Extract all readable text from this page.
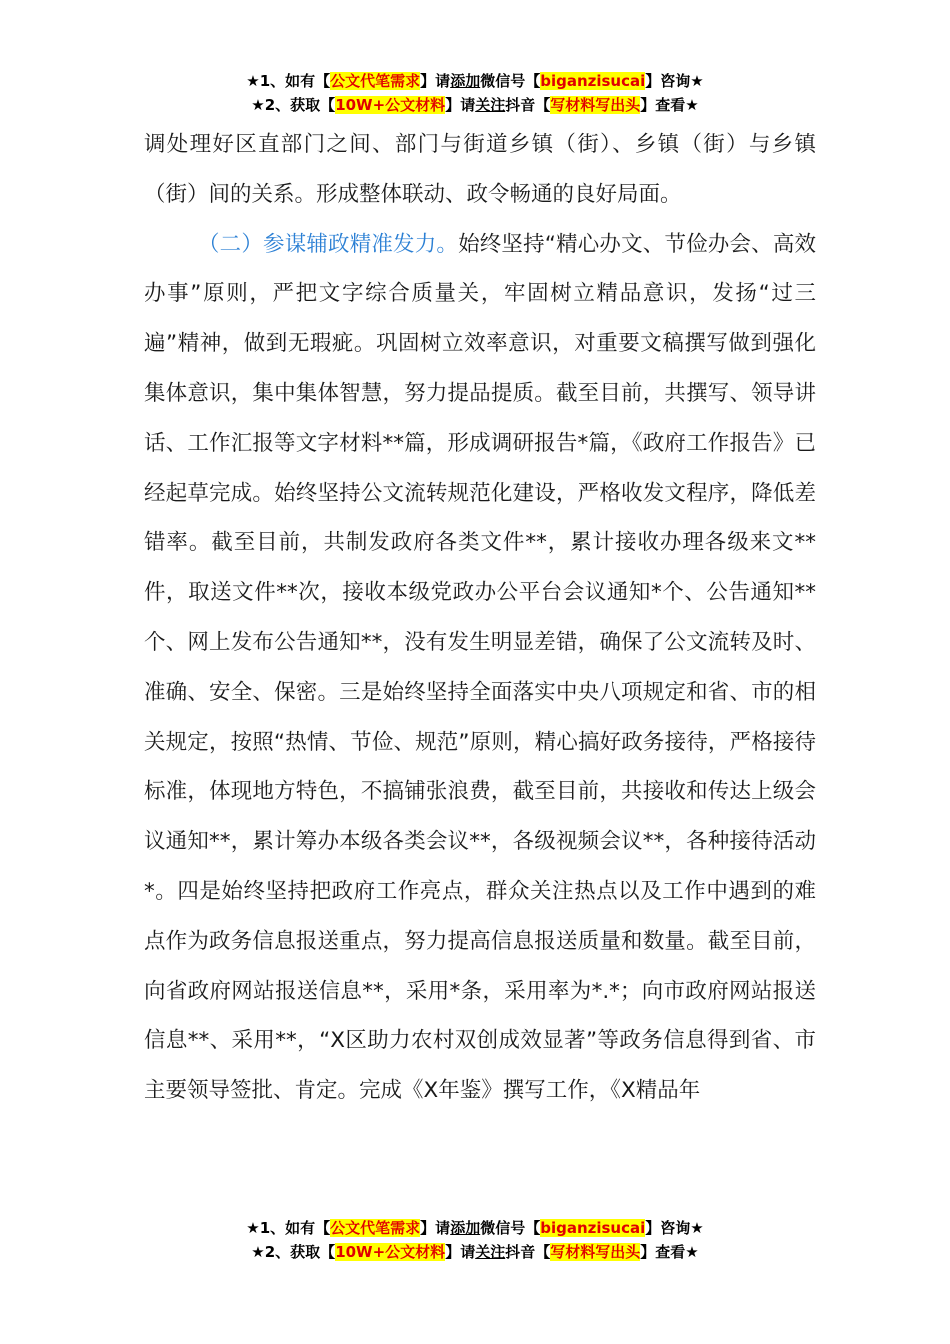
★1、如有【公文代笔需求】请添加微信号【biganzisucai】咨询★
★2、获取【10W+公文材料】请关注抖音【写材料写出头】查看★

调处理好区直部门之间、部门与街道乡镇（街）、乡镇（街）与乡镇（街）间的关系。形成整体联动、政令畅通的良好局面。

（二）参谋辅政精准发力。始终坚持“精心办文、节俭办会、高效办事”原则，严把文字综合质量关，牢固树立精品意识，发扬“过三遍”精神，做到无瑕疵。巩固树立效率意识，对重要文稿撰写做到强化集体意识，集中集体智慧，努力提品提质。截至目前，共撰写、领导讲话、工作汇报等文字材料**篇，形成调研报告*篇，《政府工作报告》已经起草完成。始终坚持公文流转规范化建设，严格收发文程序，降低差错率。截至目前，共制发政府各类文件**，累计接收办理各级来文**件，取送文件**次，接收本级党政办公平台会议通知*个、公告通知**个、网上发布公告通知**，没有发生明显差错，确保了公文流转及时、准确、安全、保密。三是始终坚持全面落实中央八项规定和省、市的相关规定，按照“热情、节俭、规范”原则，精心搞好政务接待，严格接待标准，体现地方特色，不搞铺张浪费，截至目前，共接收和传达上级会议通知**，累计筹办本级各类会议**，各级视频会议**，各种接待活动*。四是始终坚持把政府工作亮点，群众关注热点以及工作中遇到的难点作为政务信息报送重点，努力提高信息报送质量和数量。截至目前，向省政府网站报送信息**，采用*条，采用率为*.*；向市政府网站报送信息**、采用**，“X区助力农村双创成效显著”等政务信息得到省、市主要领导签批、肯定。完成《X年鉴》撰写工作，《X精品年

★1、如有【公文代笔需求】请添加微信号【biganzisucai】咨询★
★2、获取【10W+公文材料】请关注抖音【写材料写出头】查看★
